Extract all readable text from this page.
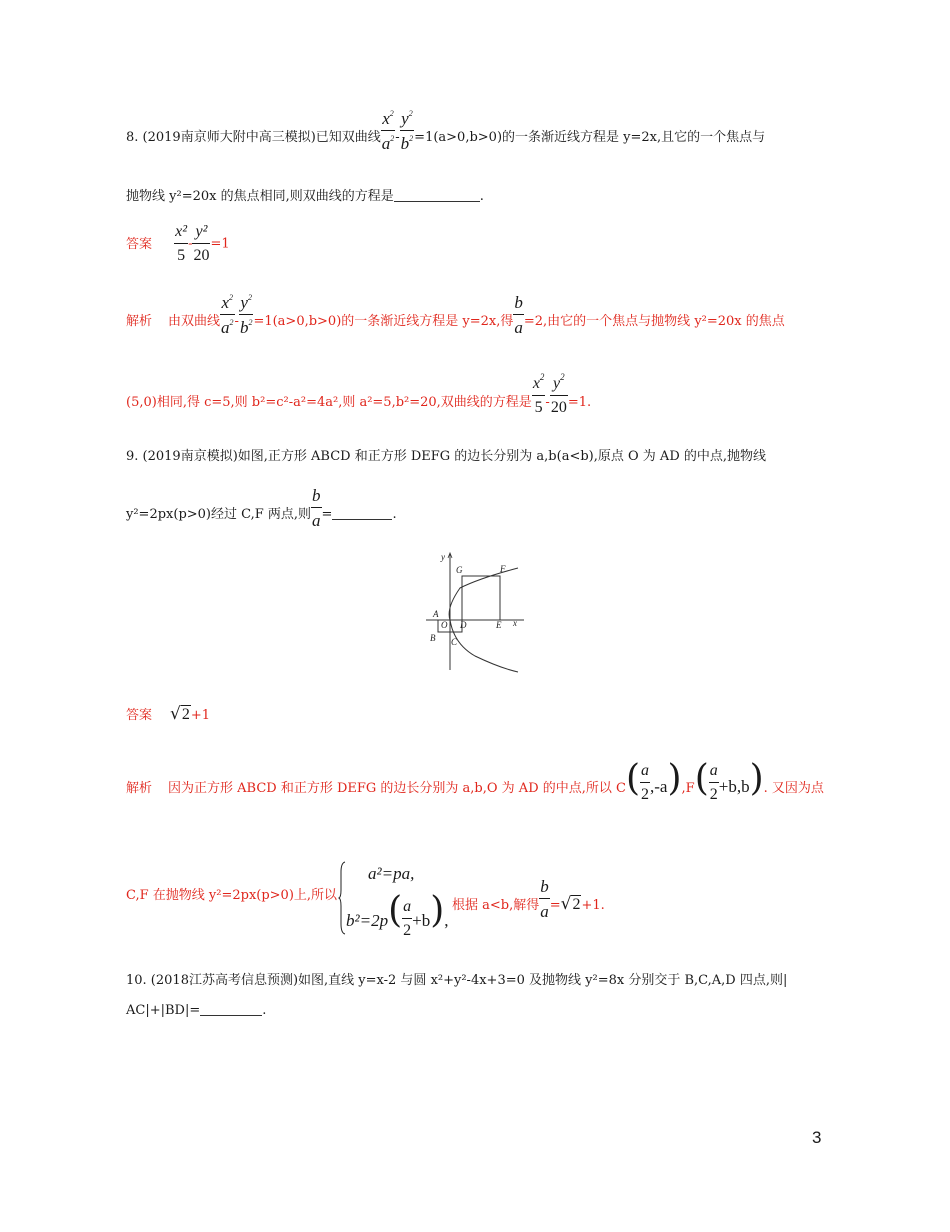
8. (2019南京师大附中高三模拟)已知双曲线 $\frac{x^2}{a^2} - \frac{y^2}{b^2} =1(a>0,b>0)$的一条渐近线方程是 y=2x,且它的一个焦点与
抛物线 y²=20x 的焦点相同,则双曲线的方程是	.
答案 $\frac{\text{x²}}{5} - \frac{\text{y²}}{20} =1$
解析 由双曲线 $\frac{x^2}{a^2} - \frac{y^2}{b^2} =1(a>0,b>0)$的一条渐近线方程是 y=2x,得 $\frac{b}{a} =2$,由它的一个焦点与抛物线 y²=20x 的焦点
(5,0)相同,得 c=5,则 b²=c²-a²=4a²,则 a²=5,b²=20,双曲线的方程是 $\frac{x^2}{5} - \frac{y^2}{20} =1$.
9. (2019南京模拟)如图,正方形 ABCD 和正方形 DEFG 的边长分别为 a,b(a<b),原点 O 为 AD 的中点,抛物线
y²=2px(p>0)经过 C,F 两点,则 $\frac{b}{a}$ =	.
y
G	F
A
O D	E x
B C
答案 √2+1
解析 因为正方形 ABCD 和正方形 DEFG 的边长分别为 a,b,O 为 AD 的中点,所以 $C( \frac{a}{2} ,-a),F( \frac{a}{2} +b,b)$. 又因为点
C,F 在抛物线 y²=2px(p>0)上,所以
a²=pa,
$b^2=2p( \frac{a}{2} +b)$,
根据 a<b,解得 $\frac{b}{a} =√2+1$.
10. (2018江苏高考信息预测)如图,直线 y=x-2 与圆 x²+y²-4x+3=0 及抛物线 y²=8x 分别交于 B,C,A,D 四点,则|
AC|+|BD|=	.
3
